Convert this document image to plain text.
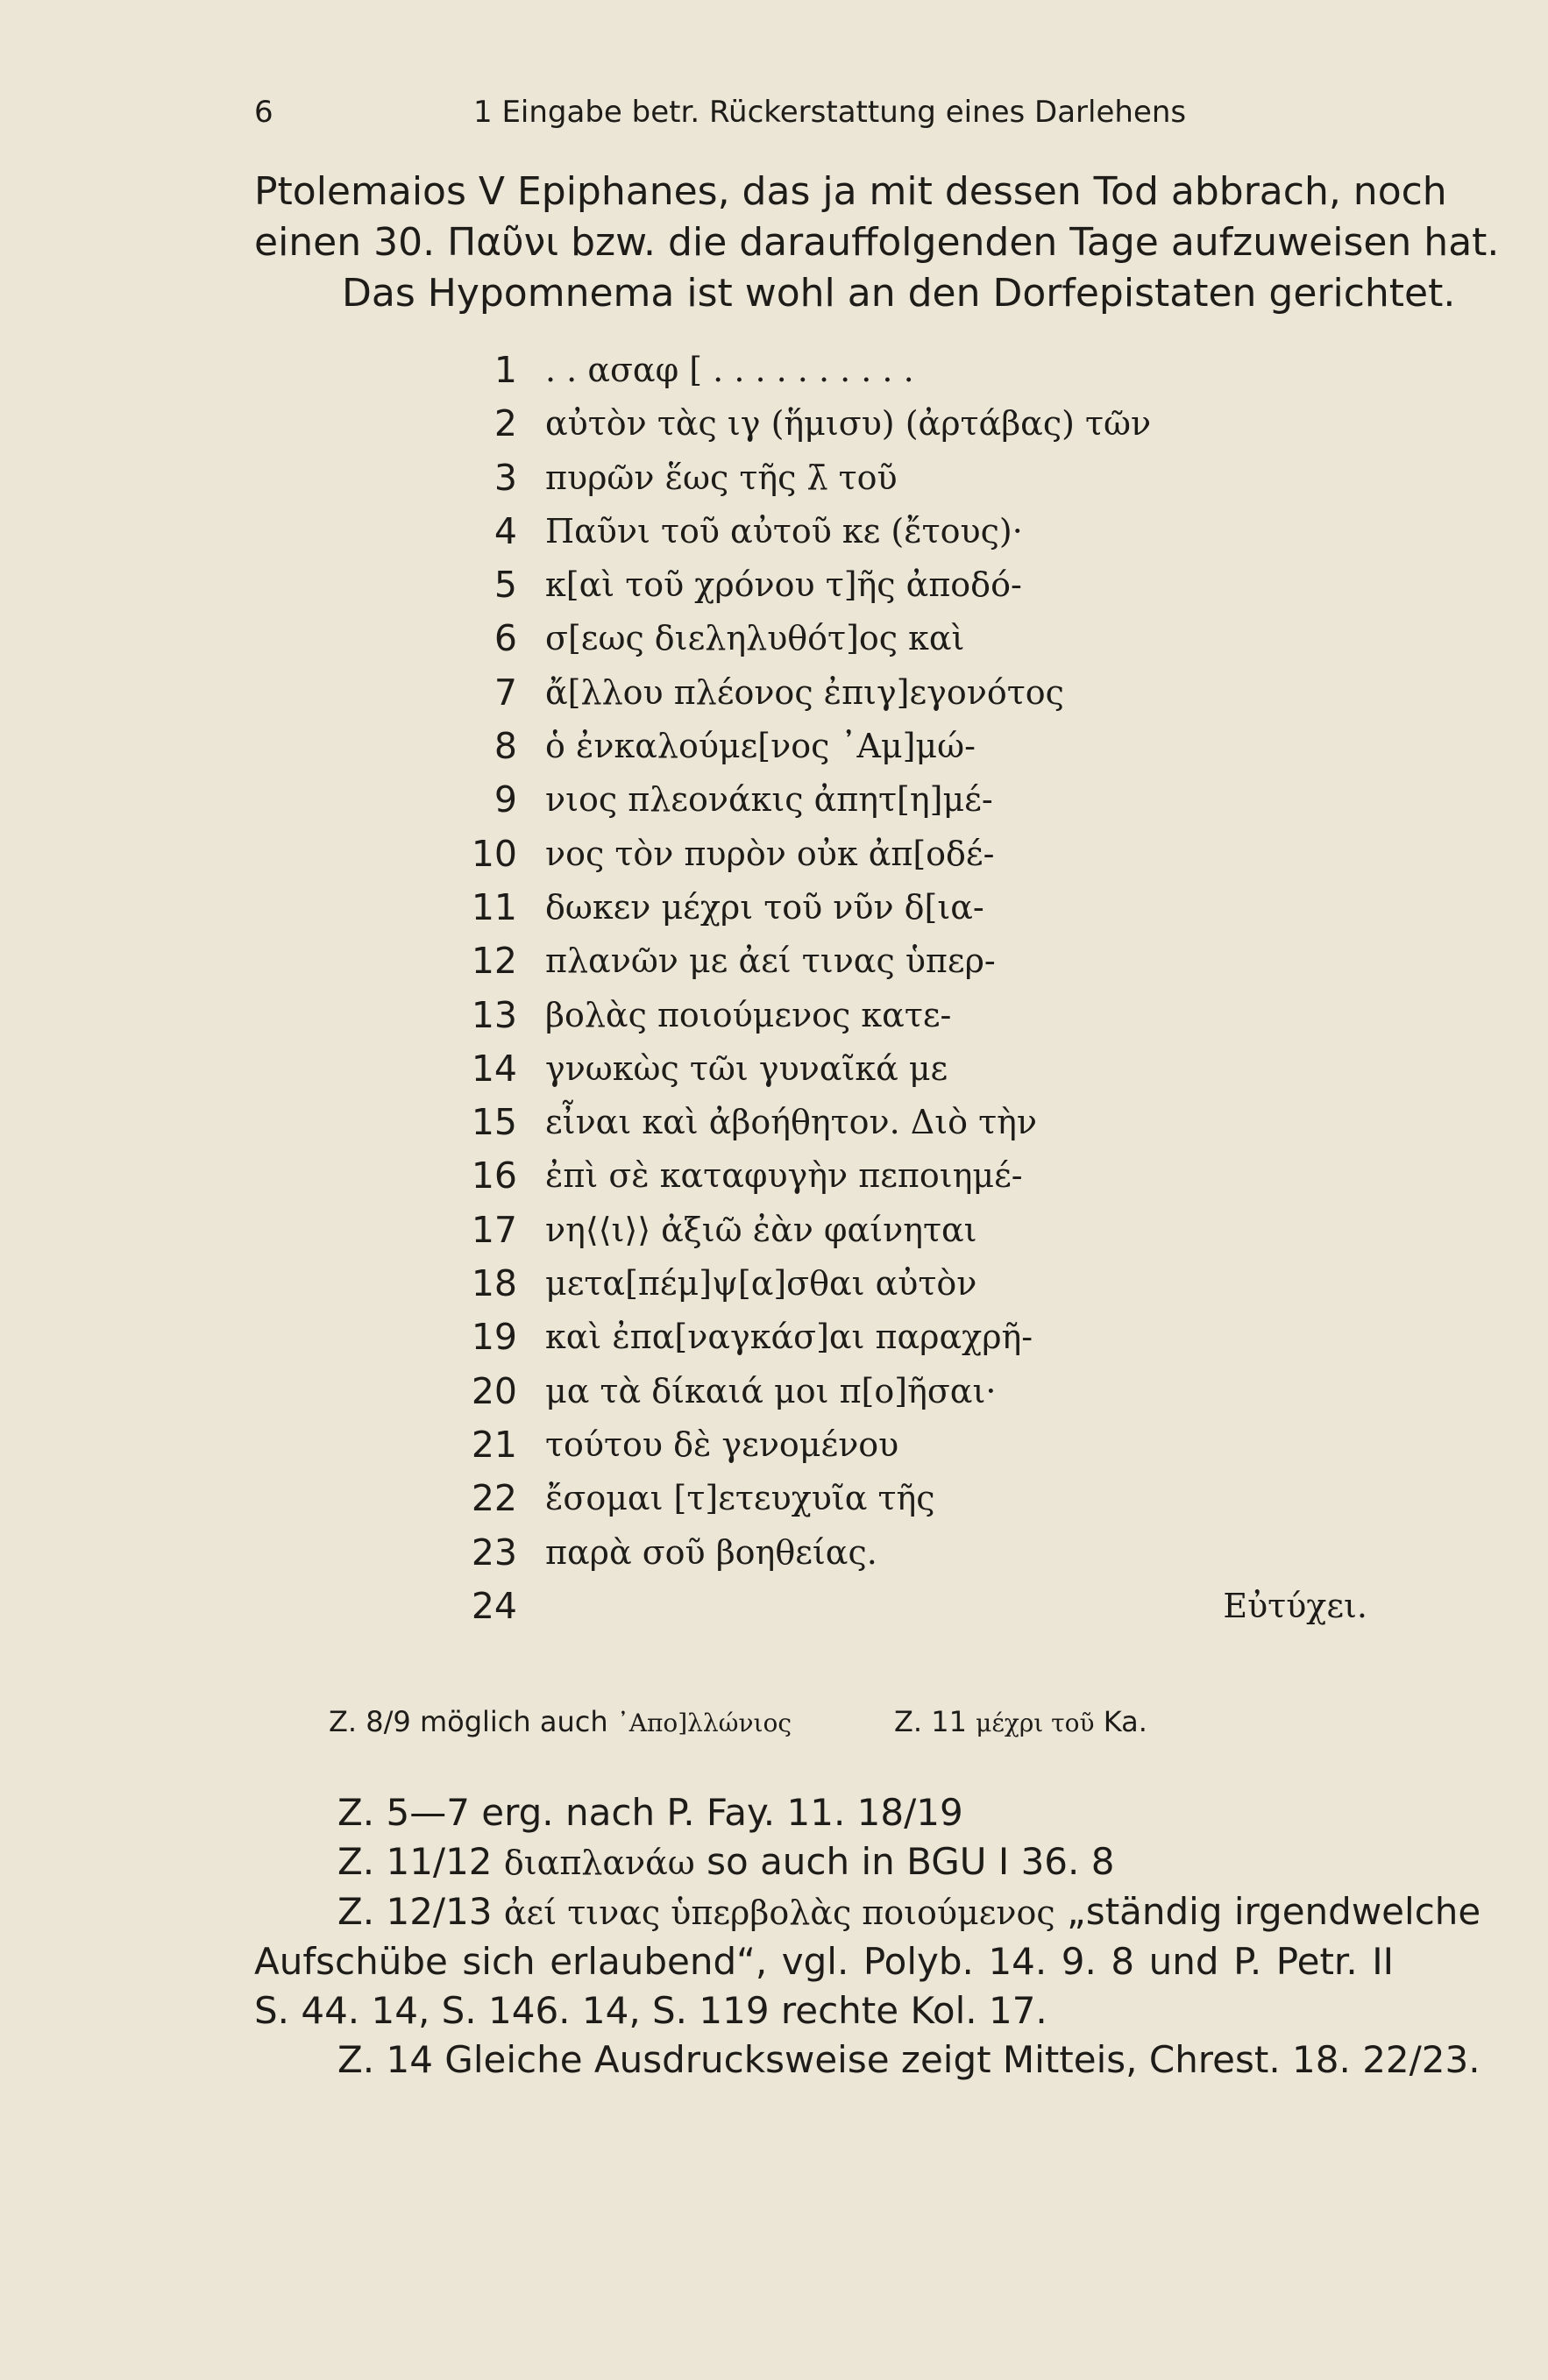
6	1 Eingabe betr. Rückerstattung eines Darlehens
Ptolemaios V Epiphanes, das ja mit dessen Tod abbrach, noch
einen 30. Παῦνι bzw. die darauffolgenden Tage aufzuweisen hat.
Das Hypomnema ist wohl an den Dorfepistaten gerichtet.
1 . . ασαφ [ . . . . . . . . . .
2 αὐτὸν τὰς ιγ (ἥμισυ) (ἀρτάβας) τῶν
3 πυρῶν ἕως τῆς λ̄ τοῦ
4 Παῦνι τοῦ αὐτοῦ κε (ἔτους)·
5 κ[αὶ τοῦ χρόνου τ]ῆς ἀποδό-
6 σ[εως διεληλυθότ]ος καὶ
7 ἄ[λλου πλέονος ἐπιγ]εγονότος
8 ὁ ἐνκαλούμε[νος ᾿Αμ]μώ-
9 νιος πλεονάκις ἀπητ[η]μέ-
10 νος τὸν πυρὸν οὐκ ἀπ[οδέ-
11 δωκεν μέχρι τοῦ νῦν δ[ια-
12 πλανῶν με ἀεί τινας ὑπερ-
13 βολὰς ποιούμενος κατε-
14 γνωκὼς τῶι γυναῖκά με
15 εἶναι καὶ ἀβοήθητον. Διὸ τὴν
16 ἐπὶ σὲ καταφυγὴν πεποιημέ-
17 νη⟨⟨ι⟩⟩ ἀξιῶ ἐὰν φαίνηται
18 μετα[πέμ]ψ[α]σθαι αὐτὸν
19 καὶ ἐπα[ναγκάσ]αι παραχρῆ-
20 μα τὰ δίκαιά μοι π[ο]ῆσαι·
21 τούτου δὲ γενομένου
22 ἔσομαι [τ]ετευχυῖα τῆς
23 παρὰ σοῦ βοηθείας.
24	Εὐτύχει.
Z. 8/9 möglich auch ᾿Απο]λλώνιος	Z. 11 μέχρι τοῦ Ka.
Z. 5—7 erg. nach P. Fay. 11. 18/19
Z. 11/12 διαπλανάω so auch in BGU I 36. 8
Z. 12/13 ἀεί τινας ὑπερβολὰς ποιούμενος „ständig irgendwelche
Aufschübe sich erlaubend“, vgl. Polyb. 14. 9. 8 und P. Petr. II
S. 44. 14, S. 146. 14, S. 119 rechte Kol. 17.
Z. 14 Gleiche Ausdrucksweise zeigt Mitteis, Chrest. 18. 22/23.
